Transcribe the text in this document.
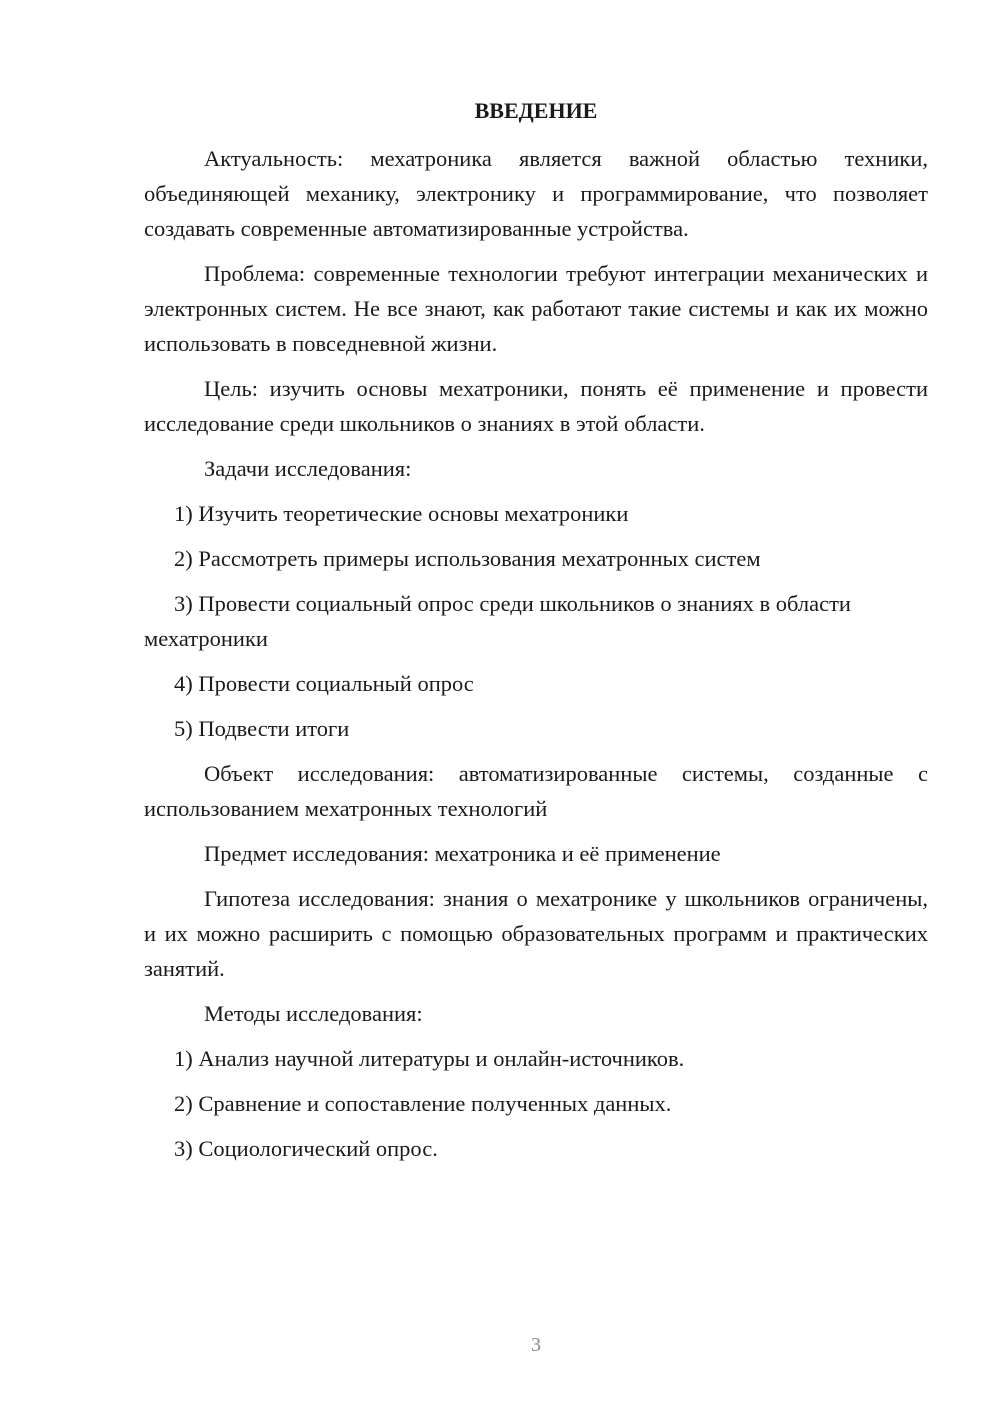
ВВЕДЕНИЕ

Актуальность: мехатроника является важной областью техники, объединяющей механику, электронику и программирование, что позволяет создавать современные автоматизированные устройства.

Проблема: современные технологии требуют интеграции механических и электронных систем. Не все знают, как работают такие системы и как их можно использовать в повседневной жизни.

Цель: изучить основы мехатроники, понять её применение и провести исследование среди школьников о знаниях в этой области.

Задачи исследования:

1) Изучить теоретические основы мехатроники

2) Рассмотреть примеры использования мехатронных систем

3) Провести социальный опрос среди школьников о знаниях в области мехатроники

4) Провести социальный опрос

5) Подвести итоги

Объект исследования: автоматизированные системы, созданные с использованием мехатронных технологий

Предмет исследования: мехатроника и её применение

Гипотеза исследования: знания о мехатронике у школьников ограничены, и их можно расширить с помощью образовательных программ и практических занятий.

Методы исследования:

1) Анализ научной литературы и онлайн-источников.

2) Сравнение и сопоставление полученных данных.

3) Социологический опрос.

3
